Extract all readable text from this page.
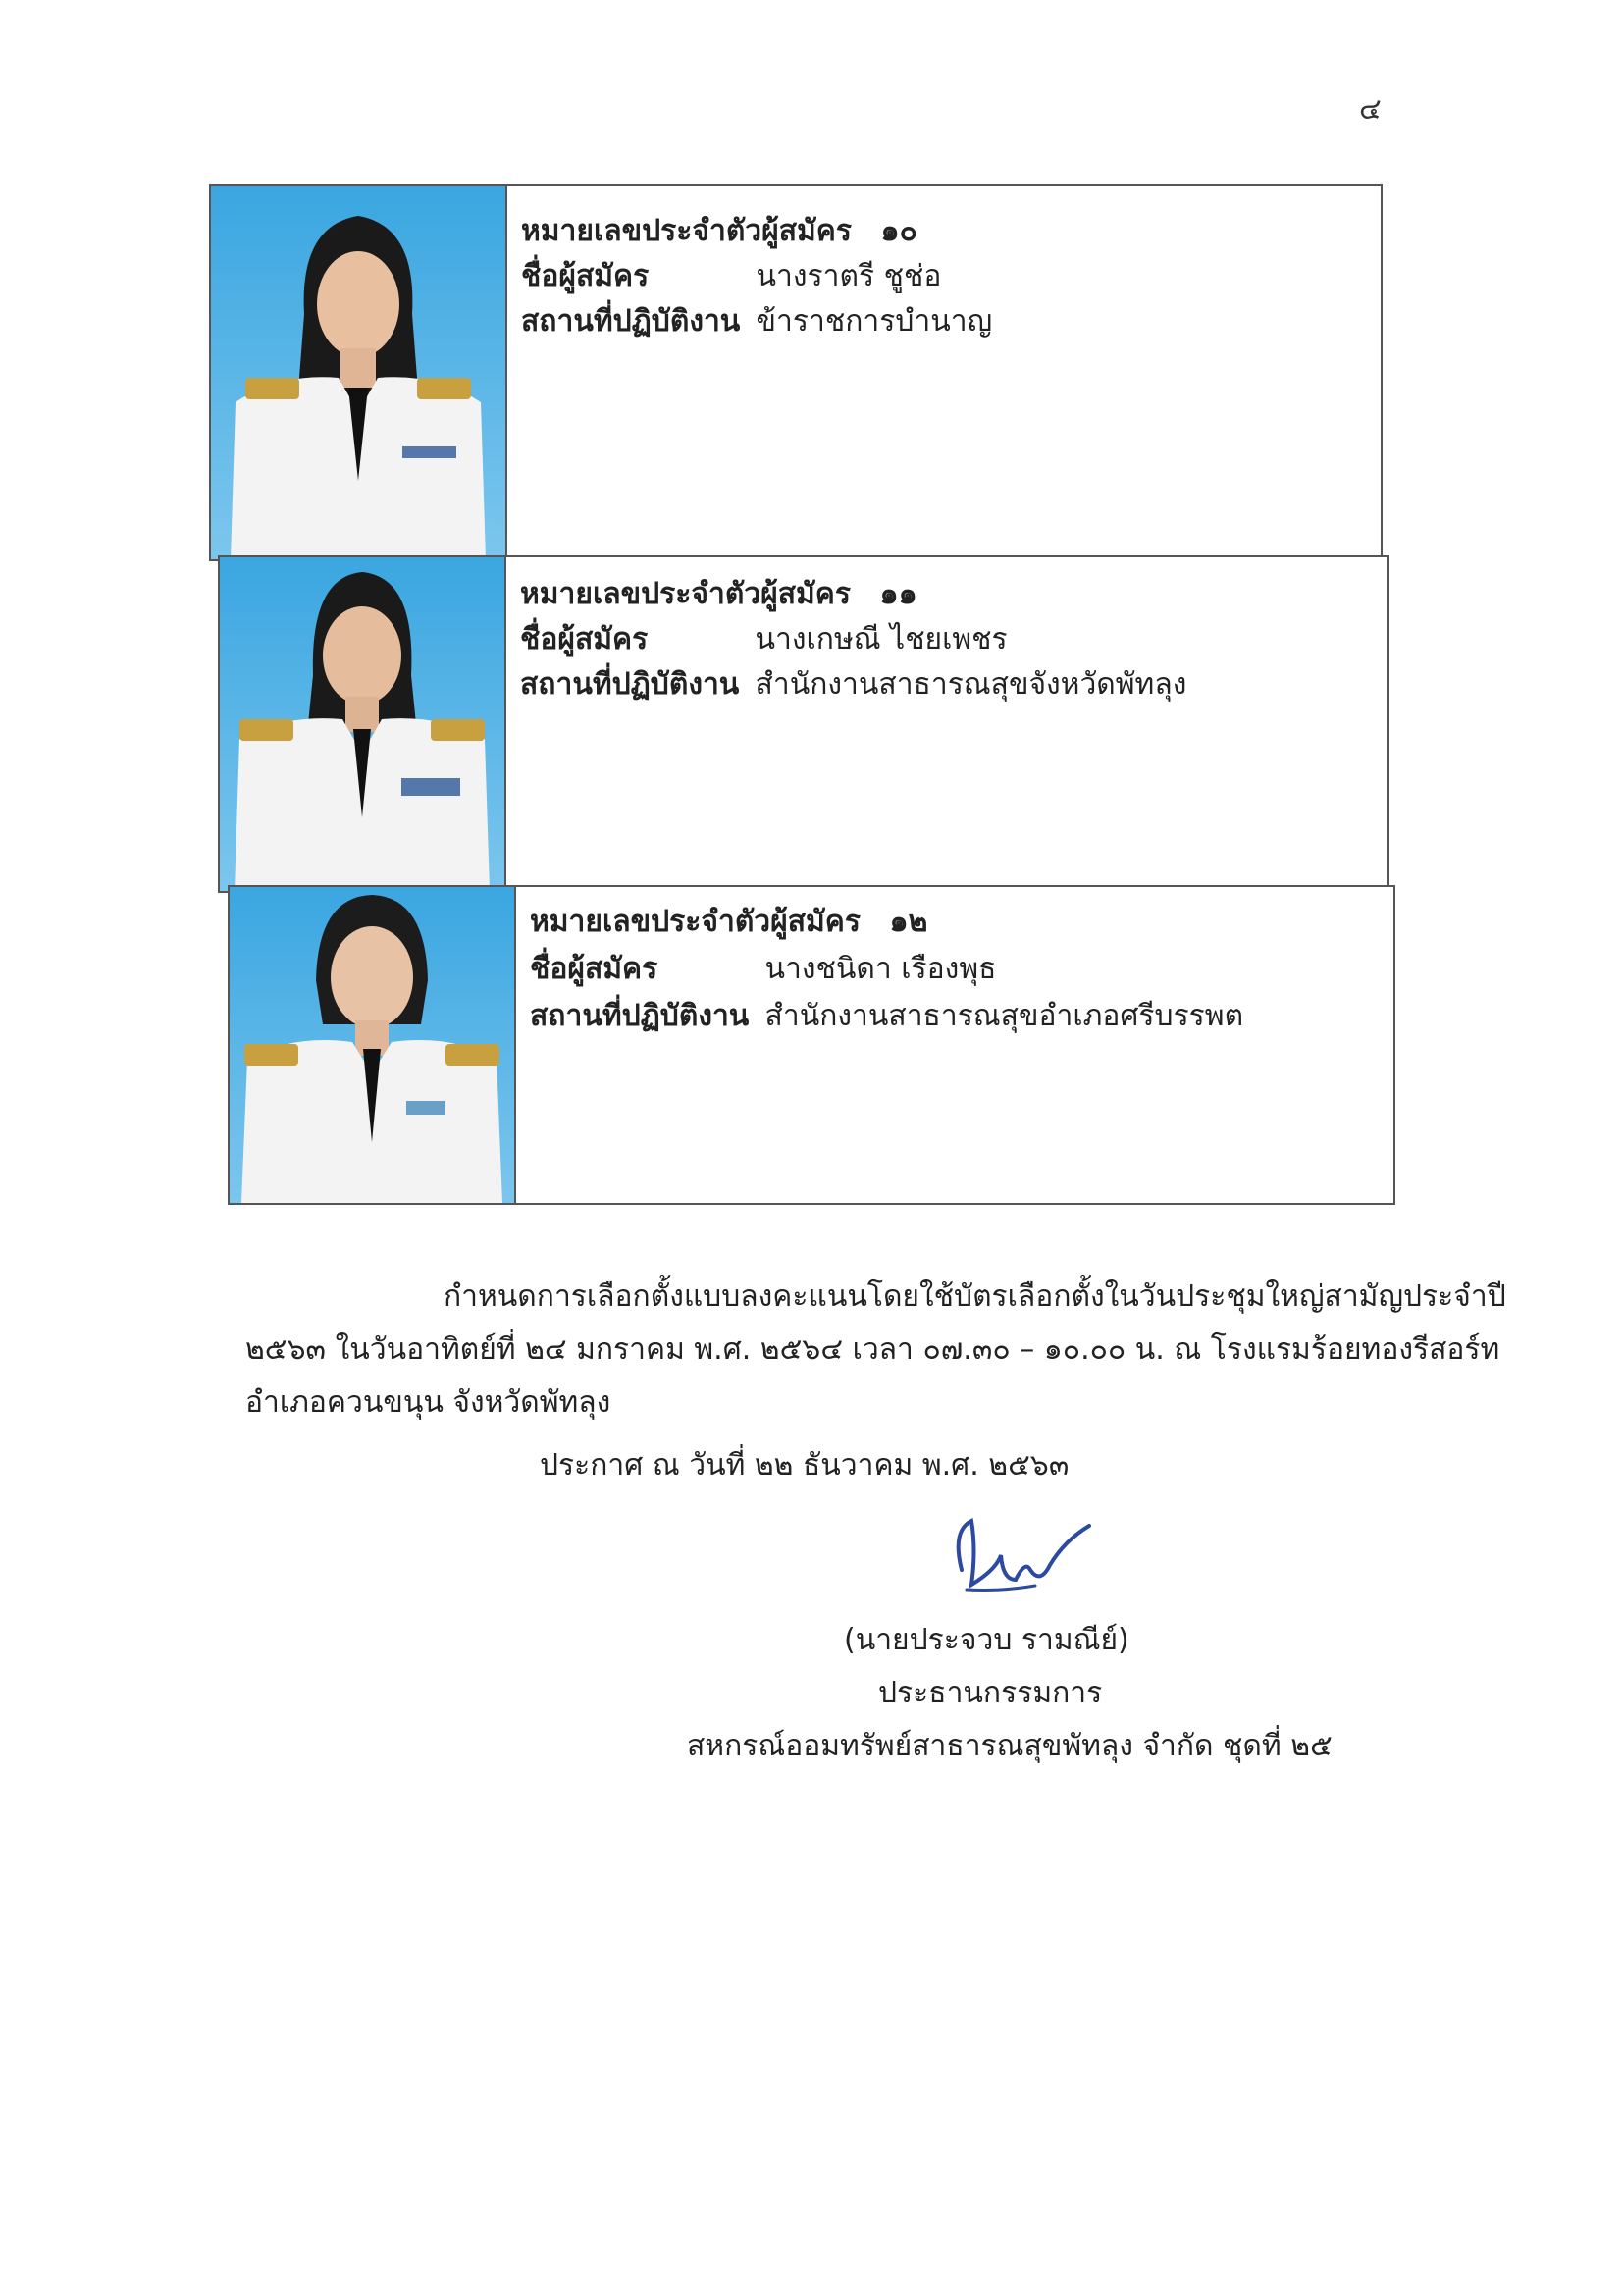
๔
หมายเลขประจำตัวผู้สมัคร ๑๐
ชื่อผู้สมัคร	นางราตรี ชูช่อ
สถานที่ปฏิบัติงาน ข้าราชการบำนาญ
หมายเลขประจำตัวผู้สมัคร ๑๑
ชื่อผู้สมัคร	นางเกษณี ไชยเพชร
สถานที่ปฏิบัติงาน สำนักงานสาธารณสุขจังหวัดพัทลุง
หมายเลขประจำตัวผู้สมัคร ๑๒
ชื่อผู้สมัคร	นางชนิดา เรืองพุธ
สถานที่ปฏิบัติงาน สำนักงานสาธารณสุขอำเภอศรีบรรพต
กำหนดการเลือกตั้งแบบลงคะแนนโดยใช้บัตรเลือกตั้งในวันประชุมใหญ่สามัญประจำปี
๒๕๖๓ ในวันอาทิตย์ที่ ๒๔ มกราคม พ.ศ. ๒๕๖๔ เวลา ๐๗.๓๐ – ๑๐.๐๐ น. ณ โรงแรมร้อยทองรีสอร์ท
อำเภอควนขนุน จังหวัดพัทลุง
ประกาศ ณ วันที่ ๒๒ ธันวาคม พ.ศ. ๒๕๖๓
(นายประจวบ รามณีย์)
ประธานกรรมการ
สหกรณ์ออมทรัพย์สาธารณสุขพัทลุง จำกัด ชุดที่ ๒๕
